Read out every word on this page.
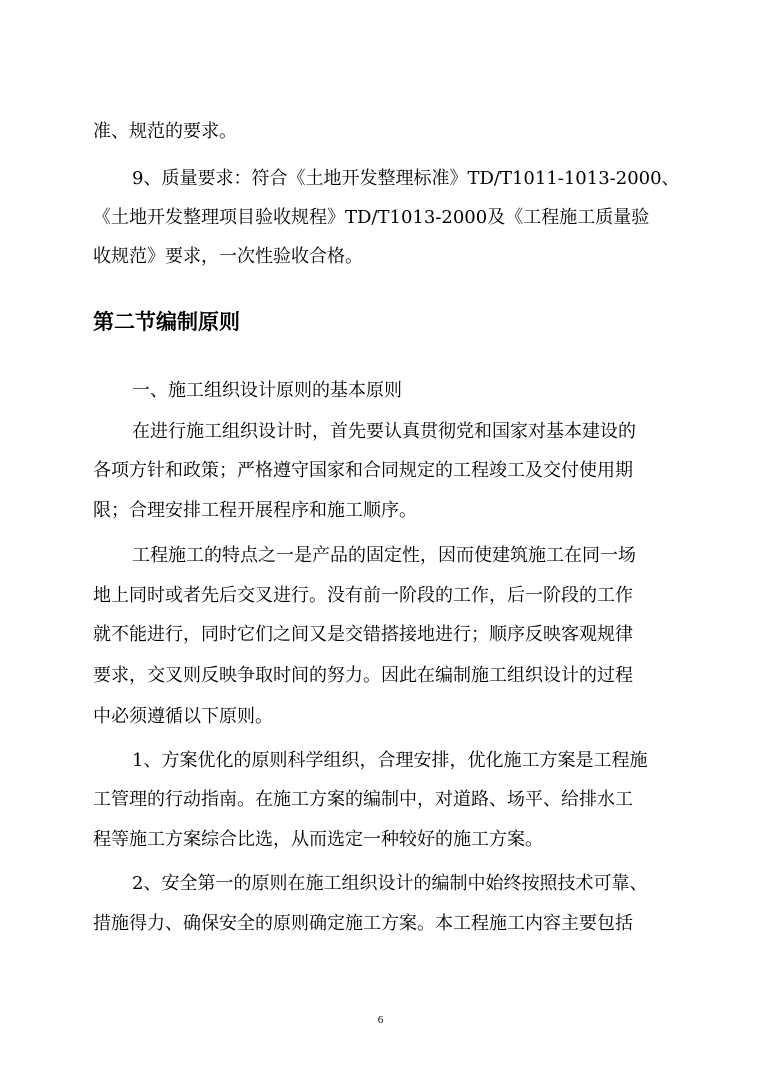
准、规范的要求。
9、质量要求：符合《土地开发整理标准》TD/T1011-1013-2000、
《土地开发整理项目验收规程》TD/T1013-2000及《工程施工质量验
收规范》要求，一次性验收合格。
第二节编制原则
一、施工组织设计原则的基本原则
在进行施工组织设计时，首先要认真贯彻党和国家对基本建设的
各项方针和政策；严格遵守国家和合同规定的工程竣工及交付使用期
限；合理安排工程开展程序和施工顺序。
工程施工的特点之一是产品的固定性，因而使建筑施工在同一场
地上同时或者先后交叉进行。没有前一阶段的工作，后一阶段的工作
就不能进行，同时它们之间又是交错搭接地进行；顺序反映客观规律
要求，交叉则反映争取时间的努力。因此在编制施工组织设计的过程
中必须遵循以下原则。
1、方案优化的原则科学组织，合理安排，优化施工方案是工程施
工管理的行动指南。在施工方案的编制中，对道路、场平、给排水工
程等施工方案综合比选，从而选定一种较好的施工方案。
2、安全第一的原则在施工组织设计的编制中始终按照技术可靠、
措施得力、确保安全的原则确定施工方案。本工程施工内容主要包括
6
